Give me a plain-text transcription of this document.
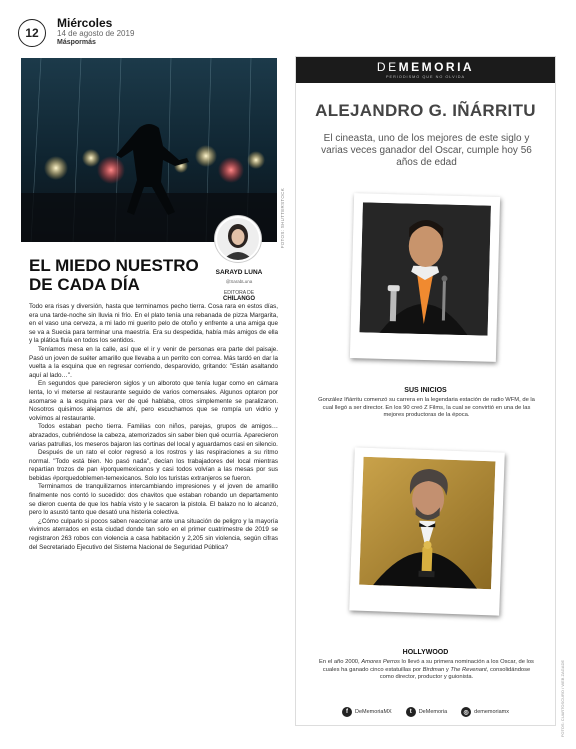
12
Miércoles
14 de agosto de 2019
Máspormás
FOTOS: SHUTTERSTOCK
SARAYD LUNA
@SarabLuna
EDITORA DE
CHILANGO
EL MIEDO NUESTRO DE CADA DÍA

Todo era risas y diversión, hasta que terminamos pecho tierra. Cosa rara en estos días, era una tarde-noche sin lluvia ni frío. En el plato tenía una rebanada de pizza Margarita, en el vaso una cerveza, a mi lado mi guerito pelo de otoño y enfrente a una amiga que se va a Suecia para terminar una maestría. Era su despedida, había más amigos de ella y la plática fluía en todos los sentidos.

Teníamos mesa en la calle, así que el ir y venir de personas era parte del paisaje. Pasó un joven de suéter amarillo que llevaba a un perrito con correa. Más tardó en dar la vuelta a la esquina que en regresar corriendo, desparovido, gritando: "Están asaltando aquí al lado…".

En segundos que parecieron siglos y un alboroto que tenía lugar como en cámara lenta, lo vi meterse al restaurante seguido de varios comensales. Algunos optaron por asomarse a la esquina para ver de qué hablaba, otros simplemente se paralizaron. Nosotros quisimos alejarnos de ahí, pero escuchamos que se rompía un vidrio y volvimos al restaurante.

Todos estaban pecho tierra. Familias con niños, parejas, grupos de amigos… abrazados, cubriéndose la cabeza, atemorizados sin saber bien qué ocurría. Aparecieron varias patrullas, los meseros bajaron las cortinas del local y aguardamos casi en silencio.

Después de un rato el color regresó a los rostros y las respiraciones a su ritmo normal. "Todo está bien. No pasó nada", decían los trabajadores del local mientras repartían trozos de pan #porquemexicanos y casi todos volvían a las mesas por sus bebidas #porquedoblemen-temexicanos. Solo los turistas extranjeros se fueron.

Terminamos de tranquilizarnos intercambiando impresiones y el joven de amarillo finalmente nos contó lo sucedido: dos chavitos que estaban robando un departamento se dieron cuenta de que los había visto y le sacaron la pistola. El balazo no lo alcanzó, pero lo asustó tanto que desató una histeria colectiva.

¿Cómo culparlo si pocos saben reaccionar ante una situación de peligro y la mayoría vivimos aterrados en esta ciudad donde tan solo en el primer cuatrimestre de 2019 se registraron 263 robos con violencia a casa habitación y 2,205 sin violencia, según cifras del Secretariado Ejecutivo del Sistema Nacional de Seguridad Pública?

DEMEMORIA
PERIODISMO QUE NO OLVIDA
ALEJANDRO G. IÑÁRRITU
El cineasta, uno de los mejores de este siglo y varias veces ganador del Oscar, cumple hoy 56 años de edad
SUS INICIOS
González Iñárritu comenzó su carrera en la legendaria estación de radio WFM, de la cual llegó a ser director. En los 90 creó Z Films, la cual se convirtió en una de las mejores productoras de la época.
HOLLYWOOD
En el año 2000, Amores Perros lo llevó a su primera nominación a los Oscar, de los cuales ha ganado cinco estatuillas por Birdman y The Revenant, consolidándose como director, productor y guionista.
f	DeMemoriaMX	t	DeMemoria	◎ dememoriamx	FOTOS: CUARTOSCURO / WEB ZAGADE
